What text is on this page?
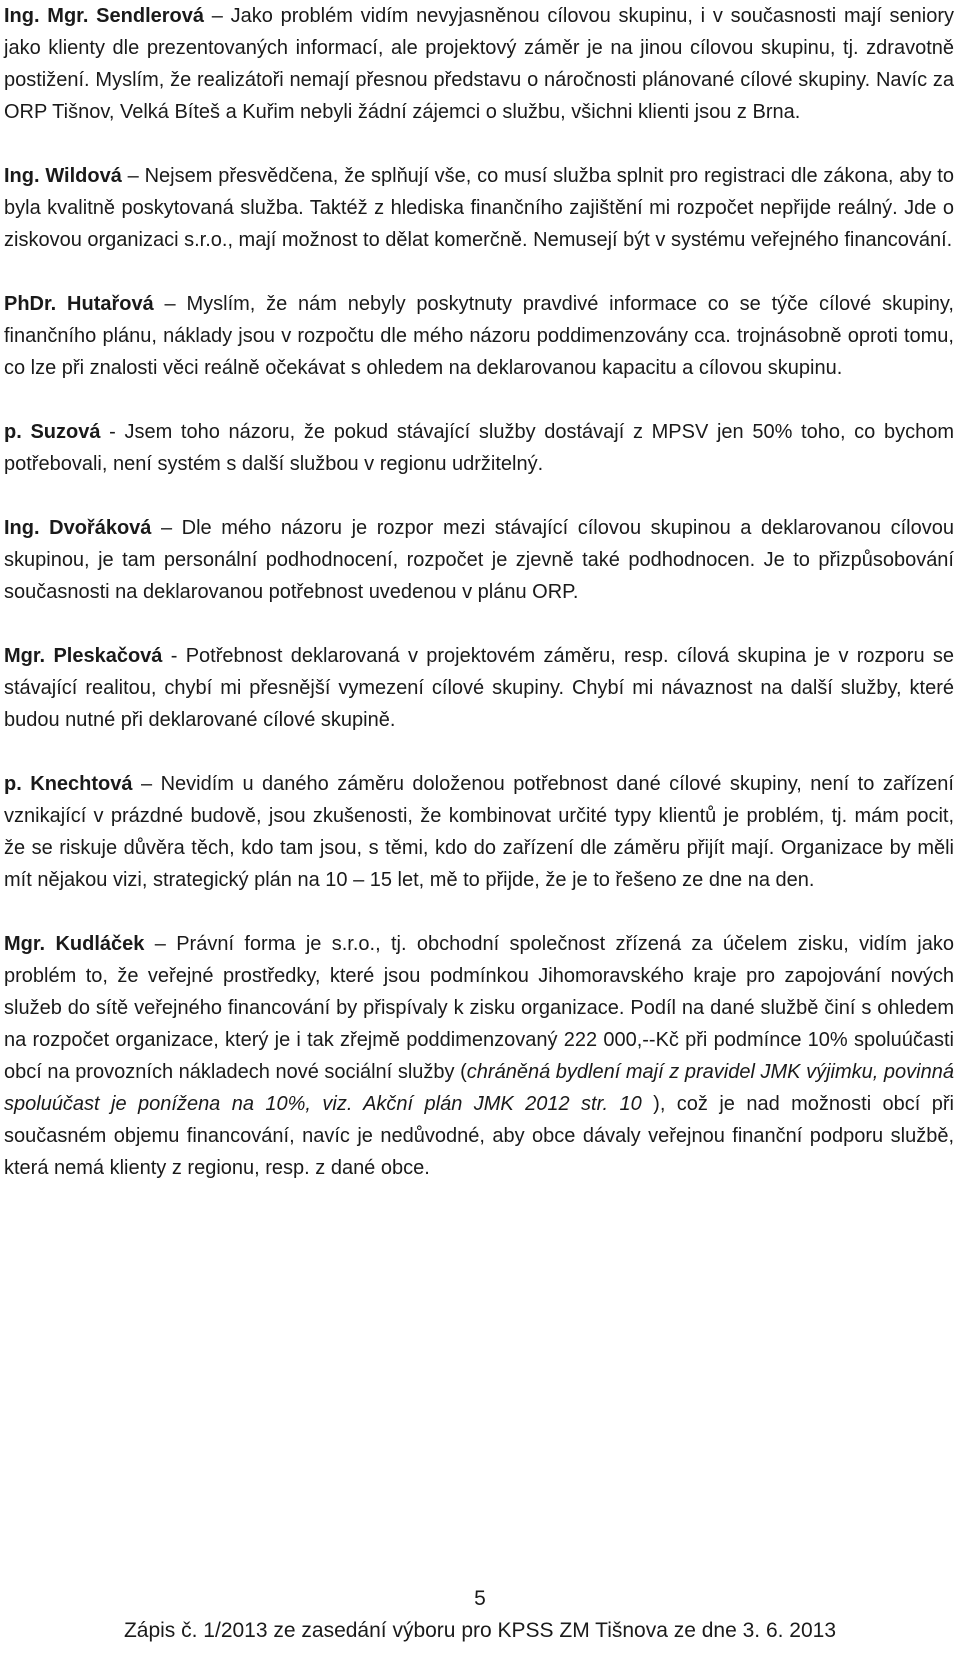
Ing. Mgr. Sendlerová – Jako problém vidím nevyjasněnou cílovou skupinu, i v současnosti mají seniory jako klienty dle prezentovaných informací, ale projektový záměr je na jinou cílovou skupinu, tj. zdravotně postižení. Myslím, že realizátoři nemají přesnou představu o náročnosti plánované cílové skupiny. Navíc za ORP Tišnov, Velká Bíteš a Kuřim nebyli žádní zájemci o službu, všichni klienti jsou z Brna.

Ing. Wildová – Nejsem přesvědčena, že splňují vše, co musí služba splnit pro registraci dle zákona, aby to byla kvalitně poskytovaná služba. Taktéž z hlediska finančního zajištění mi rozpočet nepřijde reálný. Jde o ziskovou organizaci s.r.o., mají možnost to dělat komerčně. Nemusejí být v systému veřejného financování.

PhDr. Hutařová – Myslím, že nám nebyly poskytnuty pravdivé informace co se týče cílové skupiny, finančního plánu, náklady jsou v rozpočtu dle mého názoru poddimenzovány cca. trojnásobně oproti tomu, co lze při znalosti věci reálně očekávat s ohledem na deklarovanou kapacitu a cílovou skupinu.

p. Suzová - Jsem toho názoru, že pokud stávající služby dostávají z MPSV jen 50% toho, co bychom potřebovali, není systém s další službou v regionu udržitelný.

Ing. Dvořáková – Dle mého názoru je rozpor mezi stávající cílovou skupinou a deklarovanou cílovou skupinou, je tam personální podhodnocení, rozpočet je zjevně také podhodnocen. Je to přizpůsobování současnosti na deklarovanou potřebnost uvedenou v plánu ORP.

Mgr. Pleskačová - Potřebnost deklarovaná v projektovém záměru, resp. cílová skupina je v rozporu se stávající realitou, chybí mi přesnější vymezení cílové skupiny. Chybí mi návaznost na další služby, které budou nutné při deklarované cílové skupině.

p. Knechtová – Nevidím u daného záměru doloženou potřebnost dané cílové skupiny, není to zařízení vznikající v prázdné budově, jsou zkušenosti, že kombinovat určité typy klientů je problém, tj. mám pocit, že se riskuje důvěra těch, kdo tam jsou, s těmi, kdo do zařízení dle záměru přijít mají. Organizace by měli mít nějakou vizi, strategický plán na 10 – 15 let, mě to přijde, že je to řešeno ze dne na den.

Mgr. Kudláček – Právní forma je s.r.o., tj. obchodní společnost zřízená za účelem zisku, vidím jako problém to, že veřejné prostředky, které jsou podmínkou Jihomoravského kraje pro zapojování nových služeb do sítě veřejného financování by přispívaly k zisku organizace. Podíl na dané službě činí s ohledem na rozpočet organizace, který je i tak zřejmě poddimenzovaný 222 000,--Kč při podmínce 10% spoluúčasti obcí na provozních nákladech nové sociální služby (chráněná bydlení mají z pravidel JMK výjimku, povinná spoluúčast je ponížena na 10%, viz. Akční plán JMK 2012 str. 10 ), což je nad možnosti obcí při současném objemu financování, navíc je nedůvodné, aby obce dávaly veřejnou finanční podporu službě, která nemá klienty z regionu, resp. z dané obce.

5
Zápis č. 1/2013 ze zasedání výboru pro KPSS ZM Tišnova ze dne 3. 6. 2013
